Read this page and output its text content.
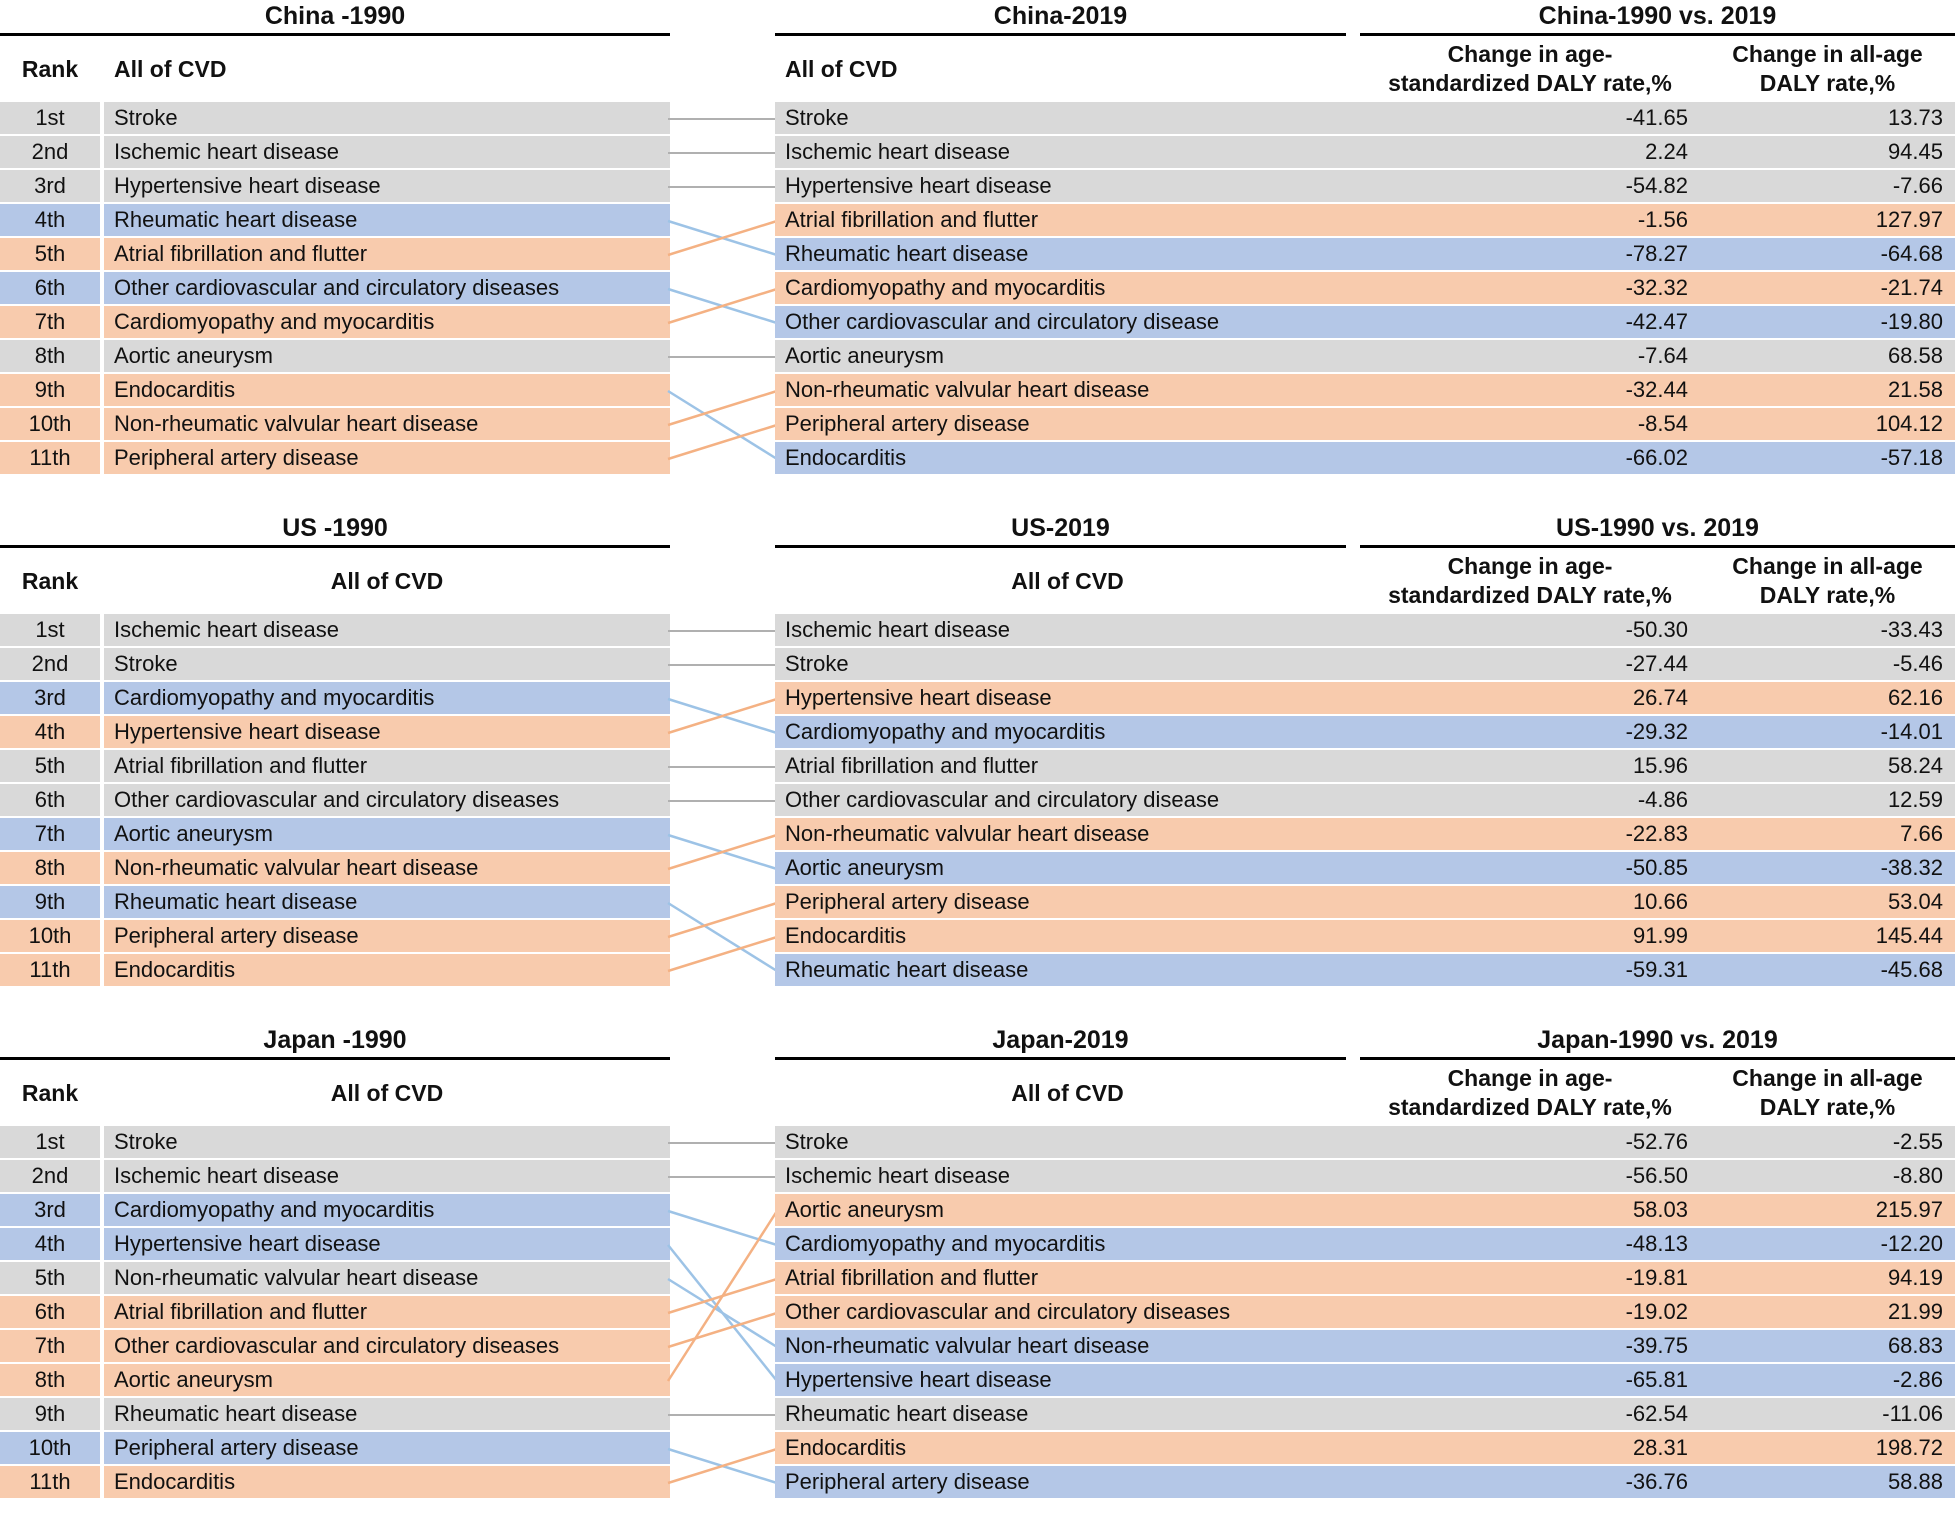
China -1990
Rank	All of CVD
1st	Stroke
2nd	Ischemic heart disease
3rd	Hypertensive heart disease
4th	Rheumatic heart disease
5th	Atrial fibrillation and flutter
6th	Other cardiovascular and circulatory diseases
7th	Cardiomyopathy and myocarditis
8th	Aortic aneurysm
9th	Endocarditis
10th	Non-rheumatic valvular heart disease
11th	Peripheral artery disease
China-2019	China-1990 vs. 2019
All of CVD
Change in age-
standardized DALY rate,%
Change in all-age
DALY rate,%
Stroke	-41.65	13.73
Ischemic heart disease	2.24	94.45
Hypertensive heart disease	-54.82	-7.66
Atrial fibrillation and flutter	-1.56	127.97
Rheumatic heart disease	-78.27	-64.68
Cardiomyopathy and myocarditis	-32.32	-21.74
Other cardiovascular and circulatory disease	-42.47	-19.80
Aortic aneurysm	-7.64	68.58
Non-rheumatic valvular heart disease	-32.44	21.58
Peripheral artery disease	-8.54	104.12
Endocarditis	-66.02	-57.18
US -1990
Rank	All of CVD
1st	Ischemic heart disease
2nd	Stroke
3rd	Cardiomyopathy and myocarditis
4th	Hypertensive heart disease
5th	Atrial fibrillation and flutter
6th	Other cardiovascular and circulatory diseases
7th	Aortic aneurysm
8th	Non-rheumatic valvular heart disease
9th	Rheumatic heart disease
10th	Peripheral artery disease
11th	Endocarditis
US-2019	US-1990 vs. 2019
All of CVD
Change in age-
standardized DALY rate,%
Change in all-age
DALY rate,%
Ischemic heart disease	-50.30	-33.43
Stroke	-27.44	-5.46
Hypertensive heart disease	26.74	62.16
Cardiomyopathy and myocarditis	-29.32	-14.01
Atrial fibrillation and flutter	15.96	58.24
Other cardiovascular and circulatory disease	-4.86	12.59
Non-rheumatic valvular heart disease	-22.83	7.66
Aortic aneurysm	-50.85	-38.32
Peripheral artery disease	10.66	53.04
Endocarditis	91.99	145.44
Rheumatic heart disease	-59.31	-45.68
Japan -1990
Rank	All of CVD
1st	Stroke
2nd	Ischemic heart disease
3rd	Cardiomyopathy and myocarditis
4th	Hypertensive heart disease
5th	Non-rheumatic valvular heart disease
6th	Atrial fibrillation and flutter
7th	Other cardiovascular and circulatory diseases
8th	Aortic aneurysm
9th	Rheumatic heart disease
10th	Peripheral artery disease
11th	Endocarditis
Japan-2019	Japan-1990 vs. 2019
All of CVD
Change in age-
standardized DALY rate,%
Change in all-age
DALY rate,%
Stroke	-52.76	-2.55
Ischemic heart disease	-56.50	-8.80
Aortic aneurysm	58.03	215.97
Cardiomyopathy and myocarditis	-48.13	-12.20
Atrial fibrillation and flutter	-19.81	94.19
Other cardiovascular and circulatory diseases	-19.02	21.99
Non-rheumatic valvular heart disease	-39.75	68.83
Hypertensive heart disease	-65.81	-2.86
Rheumatic heart disease	-62.54	-11.06
Endocarditis	28.31	198.72
Peripheral artery disease	-36.76	58.88
